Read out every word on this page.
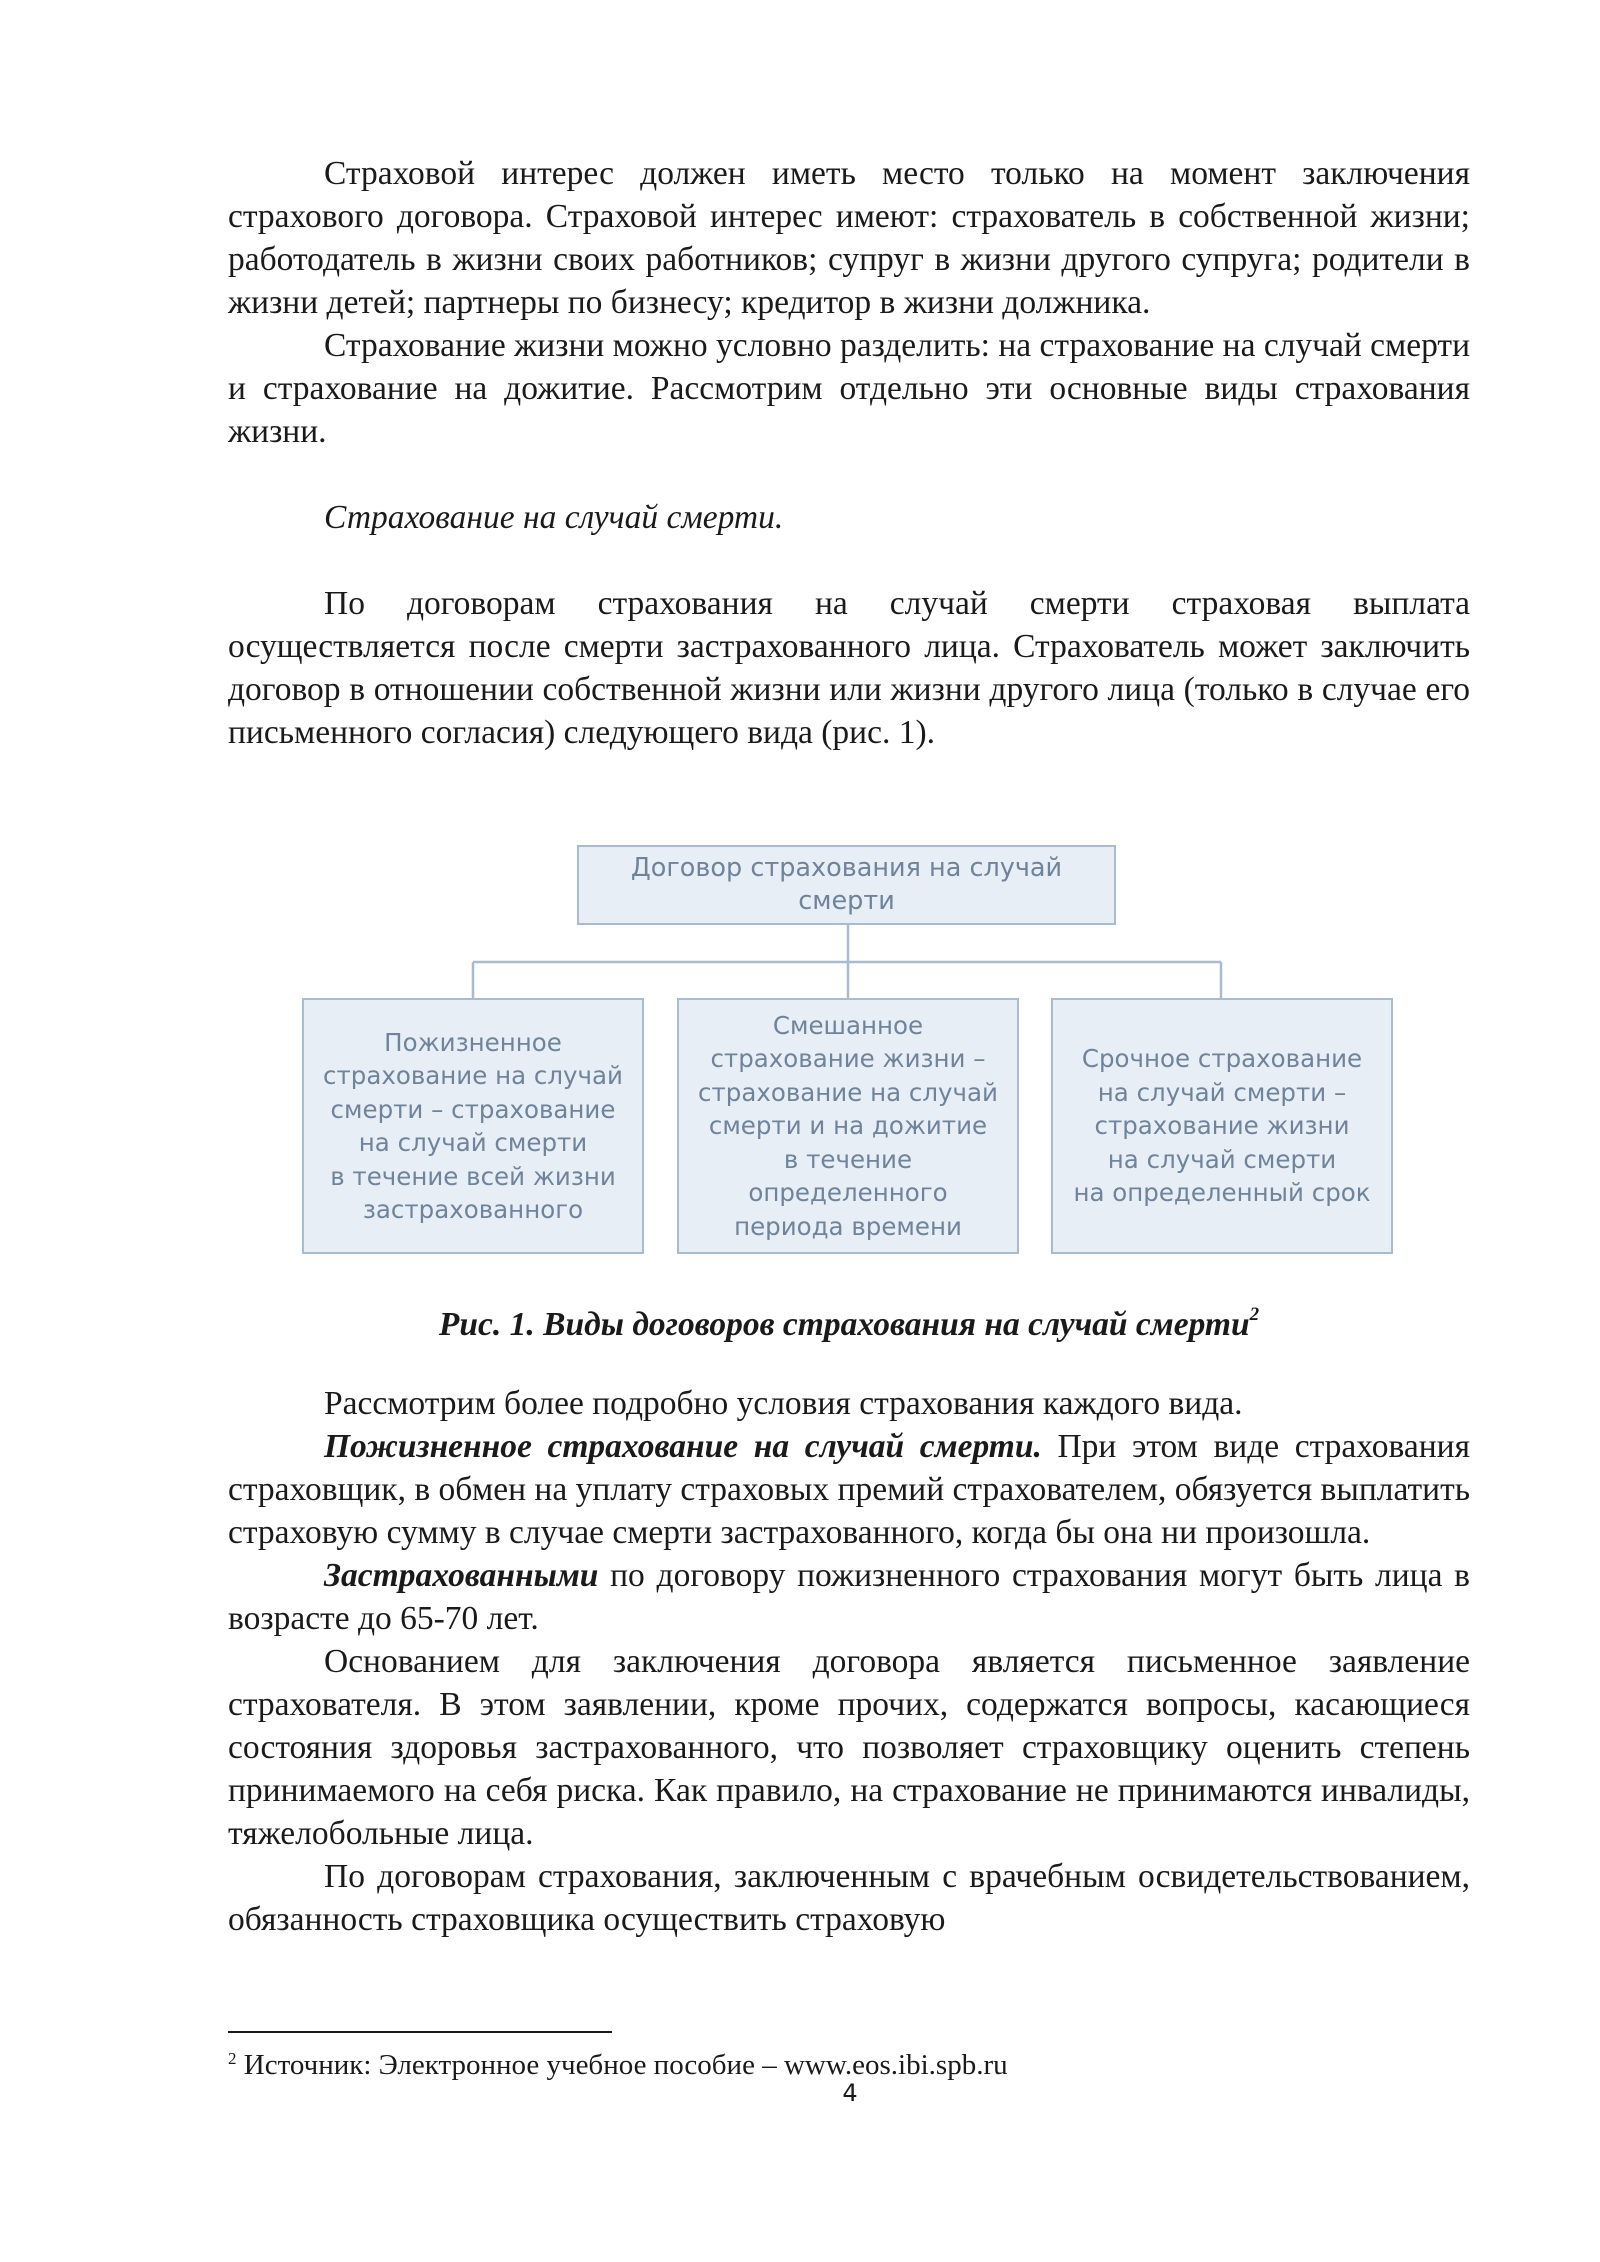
Страховой интерес должен иметь место только на момент заключения страхового договора. Страховой интерес имеют: страхователь в собственной жизни; работодатель в жизни своих работников; супруг в жизни другого супруга; родители в жизни детей; партнеры по бизнесу; кредитор в жизни должника.

Страхование жизни можно условно разделить: на страхование на случай смерти и страхование на дожитие. Рассмотрим отдельно эти основные виды страхования жизни.

Страхование на случай смерти.

По договорам страхования на случай смерти страховая выплата осуществляется после смерти застрахованного лица. Страхователь может заключить договор в отношении собственной жизни или жизни другого лица (только в случае его письменного согласия) следующего вида (рис. 1).

Договор страхования на случай смерти
Пожизненное
страхование на случай
смерти – страхование
на случай смерти
в течение всей жизни
застрахованного
Смешанное
страхование жизни –
страхование на случай
смерти и на дожитие
в течение
определенного
периода времени
Срочное страхование
на случай смерти –
страхование жизни
на случай смерти
на определенный срок
Рис. 1. Виды договоров страхования на случай смерти$^2$

Рассмотрим более подробно условия страхования каждого вида.

Пожизненное страхование на случай смерти. При этом виде страхования страховщик, в обмен на уплату страховых премий страхователем, обязуется выплатить страховую сумму в случае смерти застрахованного, когда бы она ни произошла.

Застрахованными по договору пожизненного страхования могут быть лица в возрасте до 65-70 лет.

Основанием для заключения договора является письменное заявление страхователя. В этом заявлении, кроме прочих, содержатся вопросы, касающиеся состояния здоровья застрахованного, что позволяет страховщику оценить степень принимаемого на себя риска. Как правило, на страхование не принимаются инвалиды, тяжелобольные лица.

По договорам страхования, заключенным с врачебным освидетельствованием, обязанность страховщика осуществить страховую

$^2$ Источник: Электронное учебное пособие – www.eos.ibi.spb.ru
4
